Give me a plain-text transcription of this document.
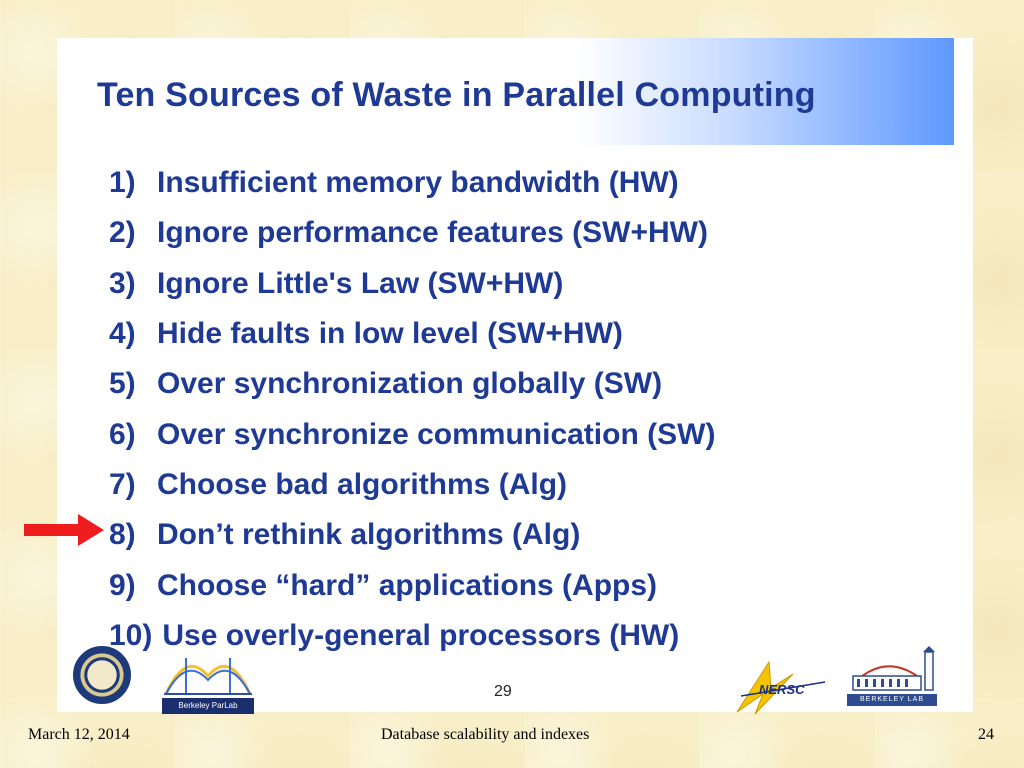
Ten Sources of Waste in Parallel Computing
1) Insufficient memory bandwidth (HW)
2) Ignore performance features (SW+HW)
3) Ignore Little's Law (SW+HW)
4) Hide faults in low level (SW+HW)
5) Over synchronization globally (SW)
6) Over synchronize communication (SW)
7) Choose bad algorithms (Alg)
8) Don’t rethink algorithms (Alg)
9) Choose “hard” applications (Apps)
10) Use overly-general processors (HW)
Berkeley ParLab
29	NERSC
BERKELEY LAB
March 12, 2014	Database scalability and indexes	24
